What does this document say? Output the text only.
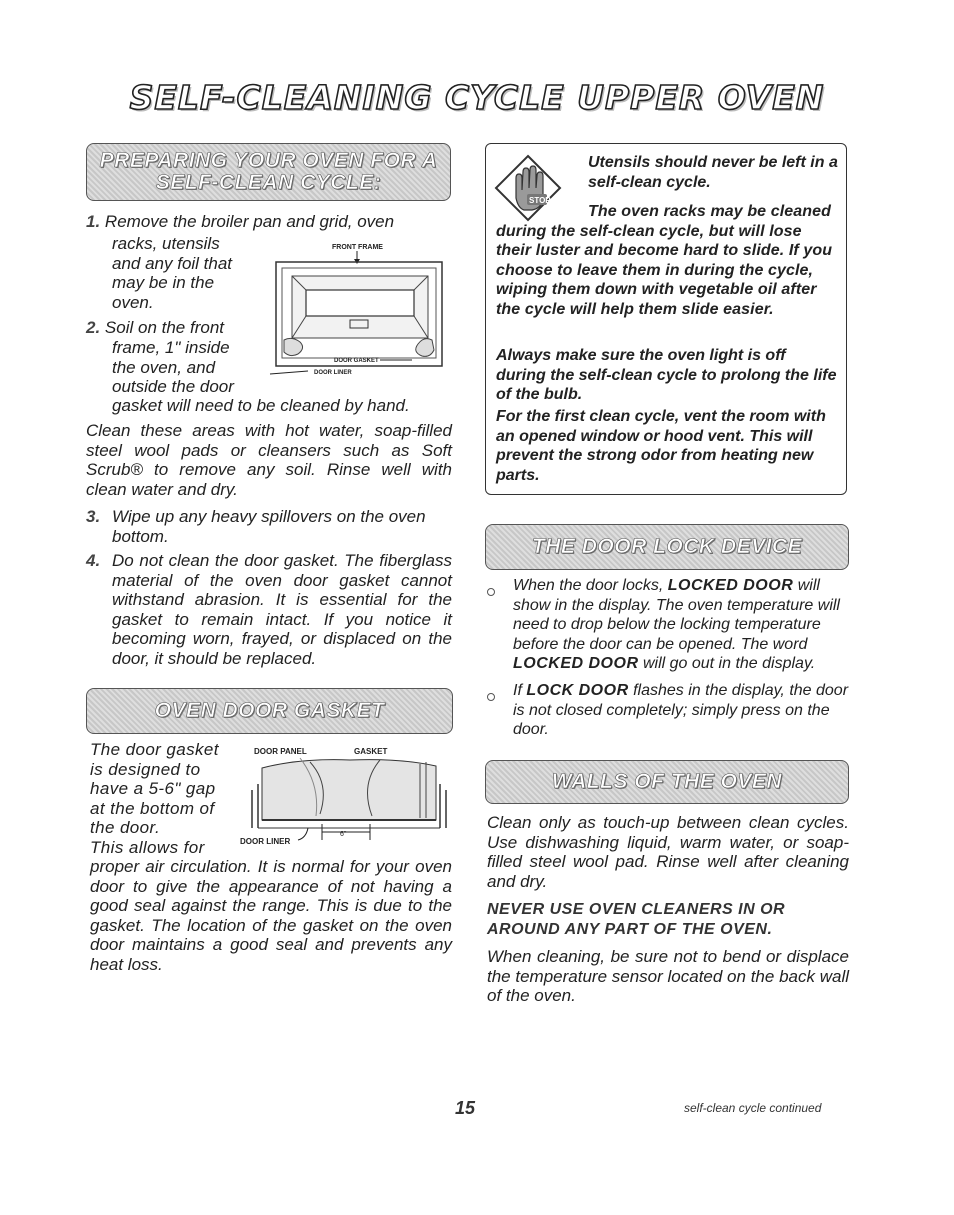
SELF-CLEANING CYCLE UPPER OVEN
PREPARING YOUR OVEN FOR A
SELF-CLEAN CYCLE:
1. Remove the broiler pan and grid, oven
racks, utensils
and any foil that
may be in the
oven.
2. Soil on the front
frame, 1" inside
the oven, and
outside the door
gasket will need to be cleaned by hand.
FRONT FRAME
DOOR GASKET
DOOR LINER
Clean these areas with hot water, soap-filled steel wool pads or cleansers such as Soft Scrub® to remove any soil. Rinse well with clean water and dry.
3. Wipe up any heavy spillovers on the oven bottom.
4. Do not clean the door gasket. The fiberglass material of the oven door gasket cannot withstand abrasion. It is essential for the gasket to remain intact. If you notice it becoming worn, frayed, or displaced on the door, it should be replaced.
OVEN DOOR GASKET
The door gasket
is designed to
have a 5-6" gap
at the bottom of
the door.
This allows for
DOOR PANEL	GASKET
DOOR LINER
6"
proper air circulation. It is normal for your oven door to give the appearance of not having a good seal against the range. This is due to the gasket. The location of the gasket on the oven door maintains a good seal and prevents any heat loss.
STOP

Utensils should never be left in a self-clean cycle.

The oven racks may be cleaned during the self-clean cycle, but will lose their luster and become hard to slide. If you choose to leave them in during the cycle, wiping them down with vegetable oil after the cycle will help them slide easier.

Always make sure the oven light is off during the self-clean cycle to prolong the life of the bulb.

For the first clean cycle, vent the room with an opened window or hood vent. This will prevent the strong odor from heating new parts.

THE DOOR LOCK DEVICE
When the door locks, LOCKED DOOR will show in the display. The oven temperature will need to drop below the locking temperature before the door can be opened. The word LOCKED DOOR will go out in the display.
If LOCK DOOR flashes in the display, the door is not closed completely; simply press on the door.
WALLS OF THE OVEN
Clean only as touch-up between clean cycles. Use dishwashing liquid, warm water, or soap-filled steel wool pad. Rinse well after cleaning and dry.
NEVER USE OVEN CLEANERS IN OR AROUND ANY PART OF THE OVEN.
When cleaning, be sure not to bend or displace the temperature sensor located on the back wall of the oven.
15	self-clean cycle continued
